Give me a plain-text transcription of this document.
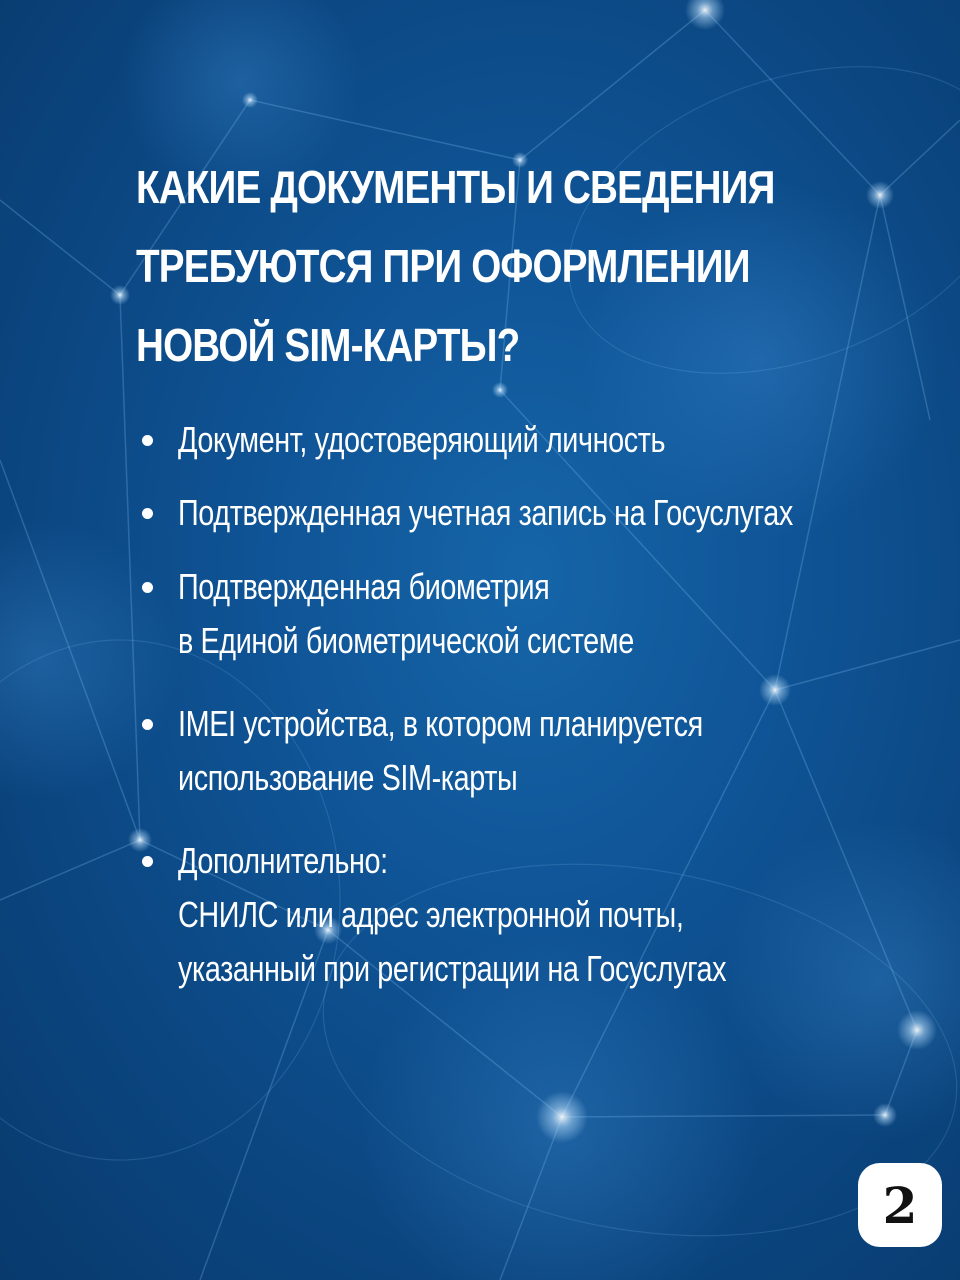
КАКИЕ ДОКУМЕНТЫ И СВЕДЕНИЯ
ТРЕБУЮТСЯ ПРИ ОФОРМЛЕНИИ
НОВОЙ SIM-КАРТЫ?
Документ, удостоверяющий личность
Подтвержденная учетная запись на Госуслугах
Подтвержденная биометрия
в Единой биометрической системе
IMEI устройства, в котором планируется
использование SIM-карты
Дополнительно:
СНИЛС или адрес электронной почты,
указанный при регистрации на Госуслугах
2
